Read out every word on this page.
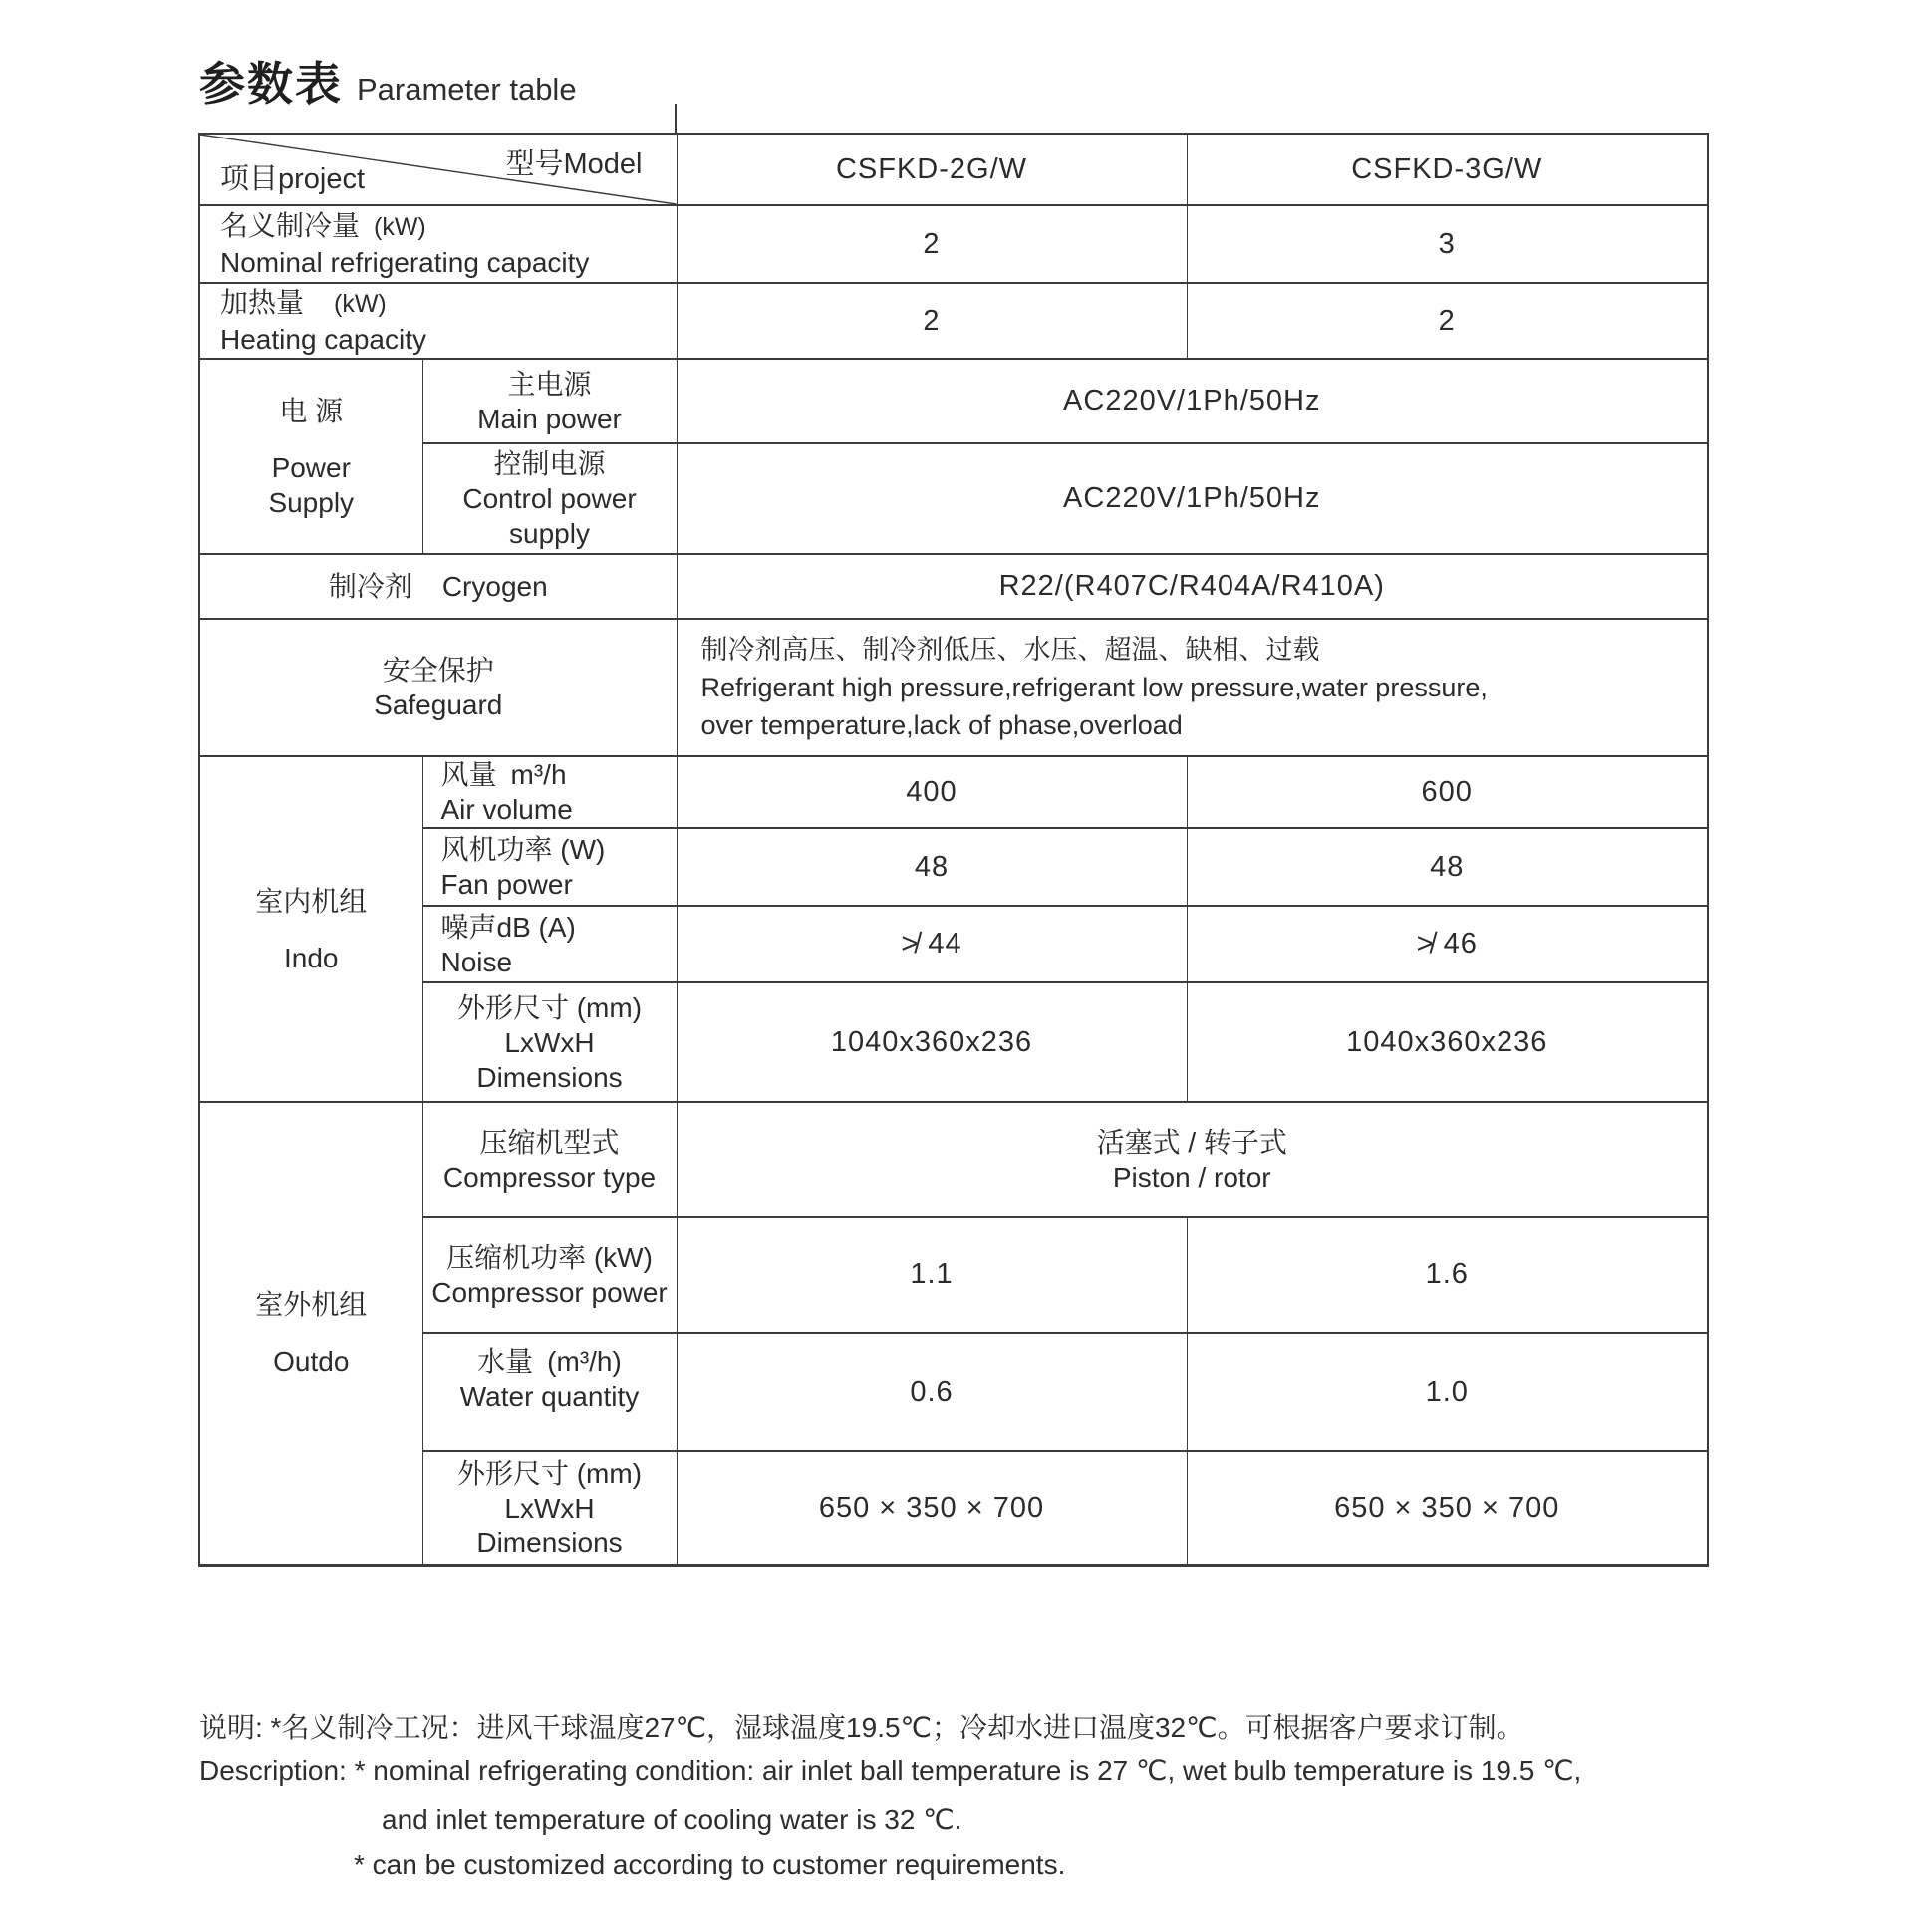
参数表 Parameter table
型号Model
项目project		CSFKD-2G/W	CSFKD-3G/W

名义制冷量 (kW)
Nominal refrigerating capacity		2	3

加热量 (kW)
Heating capacity		2	2

电 源
Power
Supply	主电源
Main power	AC220V/1Ph/50Hz	

	控制电源
Control power
supply	AC220V/1Ph/50Hz	
制冷剂 Cryogen		R22/(R407C/R404A/R410A)	

安全保护
Safeguard		制冷剂高压、制冷剂低压、水压、超温、缺相、过载
Refrigerant high pressure,refrigerant low pressure,water pressure,
over temperature,lack of phase,overload	

室内机组
Indo	风量 m³/h
Air volume	400	600

	风机功率 (W)
Fan power	48	48

	噪声dB (A)
Noise	≯ 44	≯ 46

	外形尺寸 (mm)
LxWxH
Dimensions	1040x360x236	1040x360x236

室外机组
Outdo	压缩机型式
Compressor type	活塞式 / 转子式
Piston / rotor	

	压缩机功率 (kW)
Compressor power	1.1	1.6

	水量 (m³/h)
Water quantity	0.6	1.0

	外形尺寸 (mm)
LxWxH
Dimensions	650 × 350 × 700	650 × 350 × 700
说明: *名义制冷工况：进风干球温度27℃，湿球温度19.5℃；冷却水进口温度32℃。可根据客户要求订制。
Description: * nominal refrigerating condition: air inlet ball temperature is 27 ℃, wet bulb temperature is 19.5 ℃,
and inlet temperature of cooling water is 32 ℃.
* can be customized according to customer requirements.
